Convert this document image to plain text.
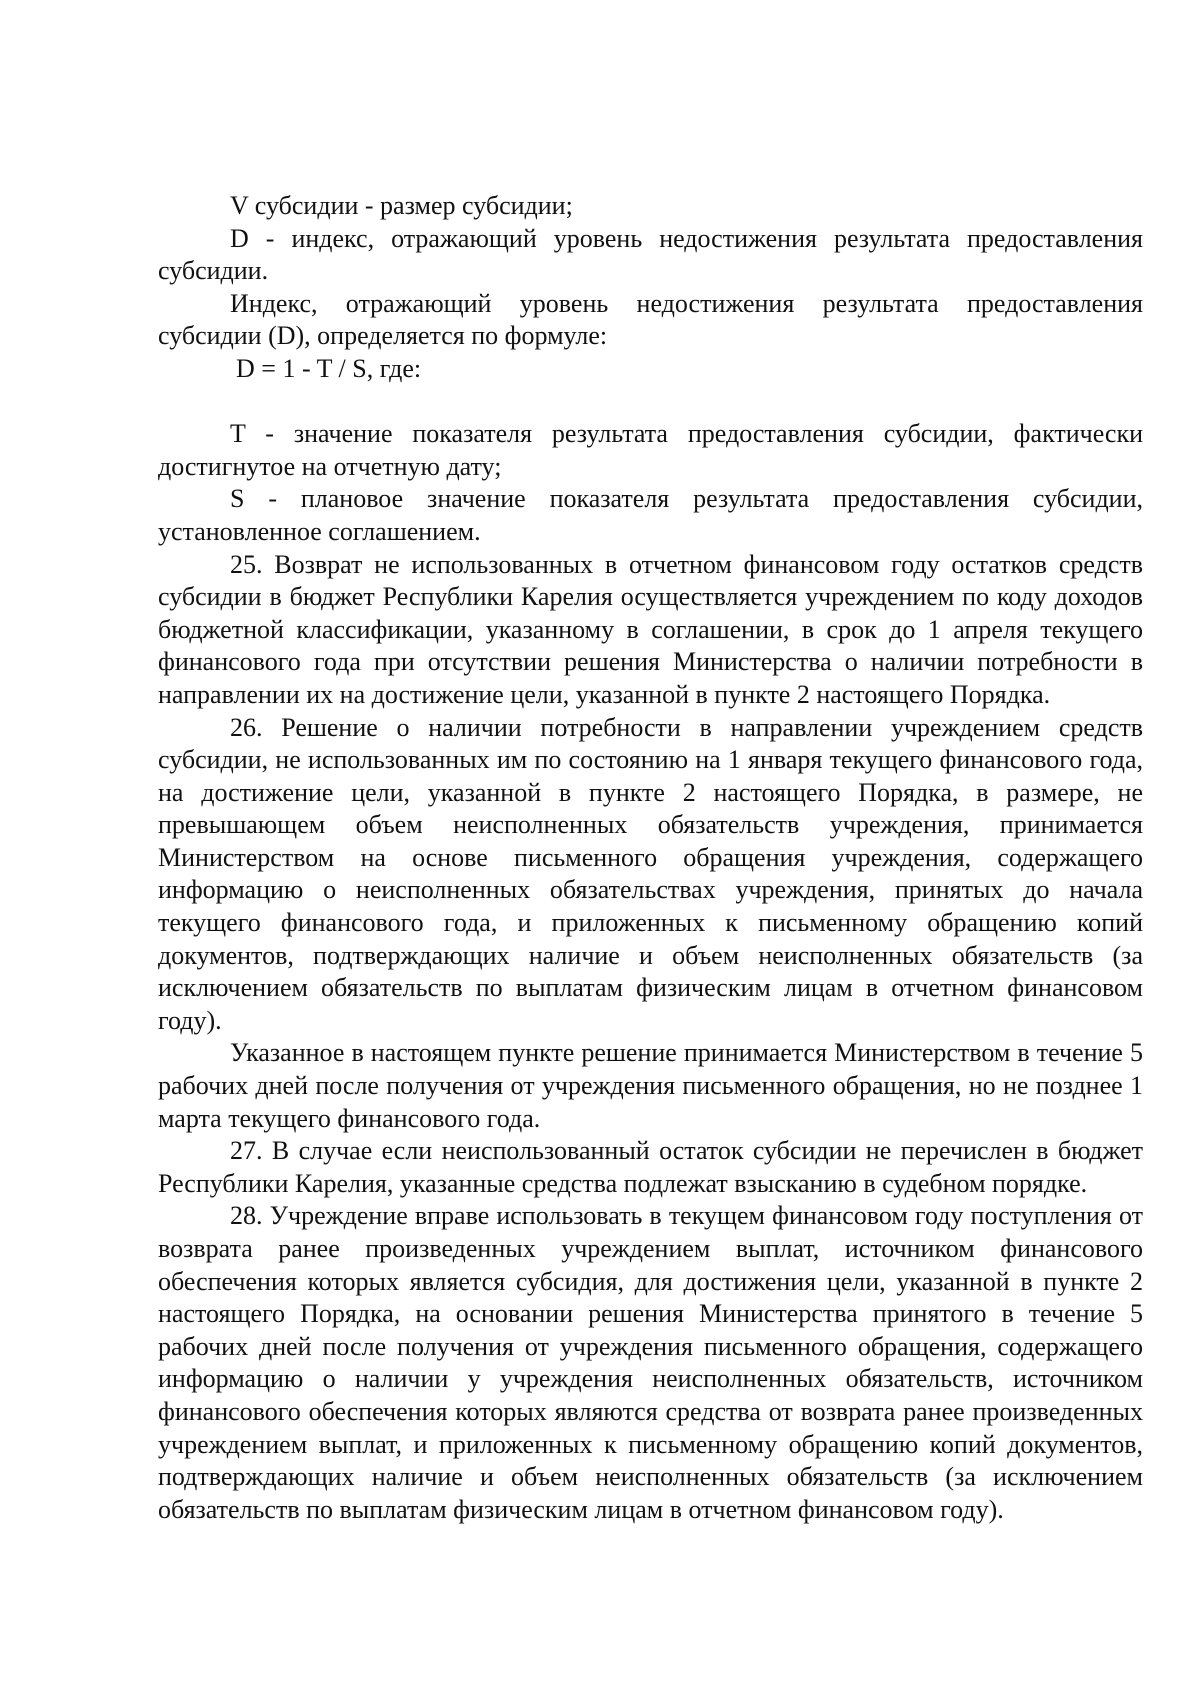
V субсидии - размер субсидии;

D - индекс, отражающий уровень недостижения результата предоставления субсидии.

Индекс, отражающий уровень недостижения результата предоставления субсидии (D), определяется по формуле:

D = 1 - T / S, где:

T - значение показателя результата предоставления субсидии, фактически достигнутое на отчетную дату;

S - плановое значение показателя результата предоставления субсидии, установленное соглашением.

25. Возврат не использованных в отчетном финансовом году остатков средств субсидии в бюджет Республики Карелия осуществляется учреждением по коду доходов бюджетной классификации, указанному в соглашении, в срок до 1 апреля текущего финансового года при отсутствии решения Министерства о наличии потребности в направлении их на достижение цели, указанной в пункте 2 настоящего Порядка.

26. Решение о наличии потребности в направлении учреждением средств субсидии, не использованных им по состоянию на 1 января текущего финансового года, на достижение цели, указанной в пункте 2 настоящего Порядка, в размере, не превышающем объем неисполненных обязательств учреждения, принимается Министерством на основе письменного обращения учреждения, содержащего информацию о неисполненных обязательствах учреждения, принятых до начала текущего финансового года, и приложенных к письменному обращению копий документов, подтверждающих наличие и объем неисполненных обязательств (за исключением обязательств по выплатам физическим лицам в отчетном финансовом году).

Указанное в настоящем пункте решение принимается Министерством в течение 5 рабочих дней после получения от учреждения письменного обращения, но не позднее 1 марта текущего финансового года.

27. В случае если неиспользованный остаток субсидии не перечислен в бюджет Республики Карелия, указанные средства подлежат взысканию в судебном порядке.

28. Учреждение вправе использовать в текущем финансовом году поступления от возврата ранее произведенных учреждением выплат, источником финансового обеспечения которых является субсидия, для достижения цели, указанной в пункте 2 настоящего Порядка, на основании решения Министерства принятого в течение 5 рабочих дней после получения от учреждения письменного обращения, содержащего информацию о наличии у учреждения неисполненных обязательств, источником финансового обеспечения которых являются средства от возврата ранее произведенных учреждением выплат, и приложенных к письменному обращению копий документов, подтверждающих наличие и объем неисполненных обязательств (за исключением обязательств по выплатам физическим лицам в отчетном финансовом году).
